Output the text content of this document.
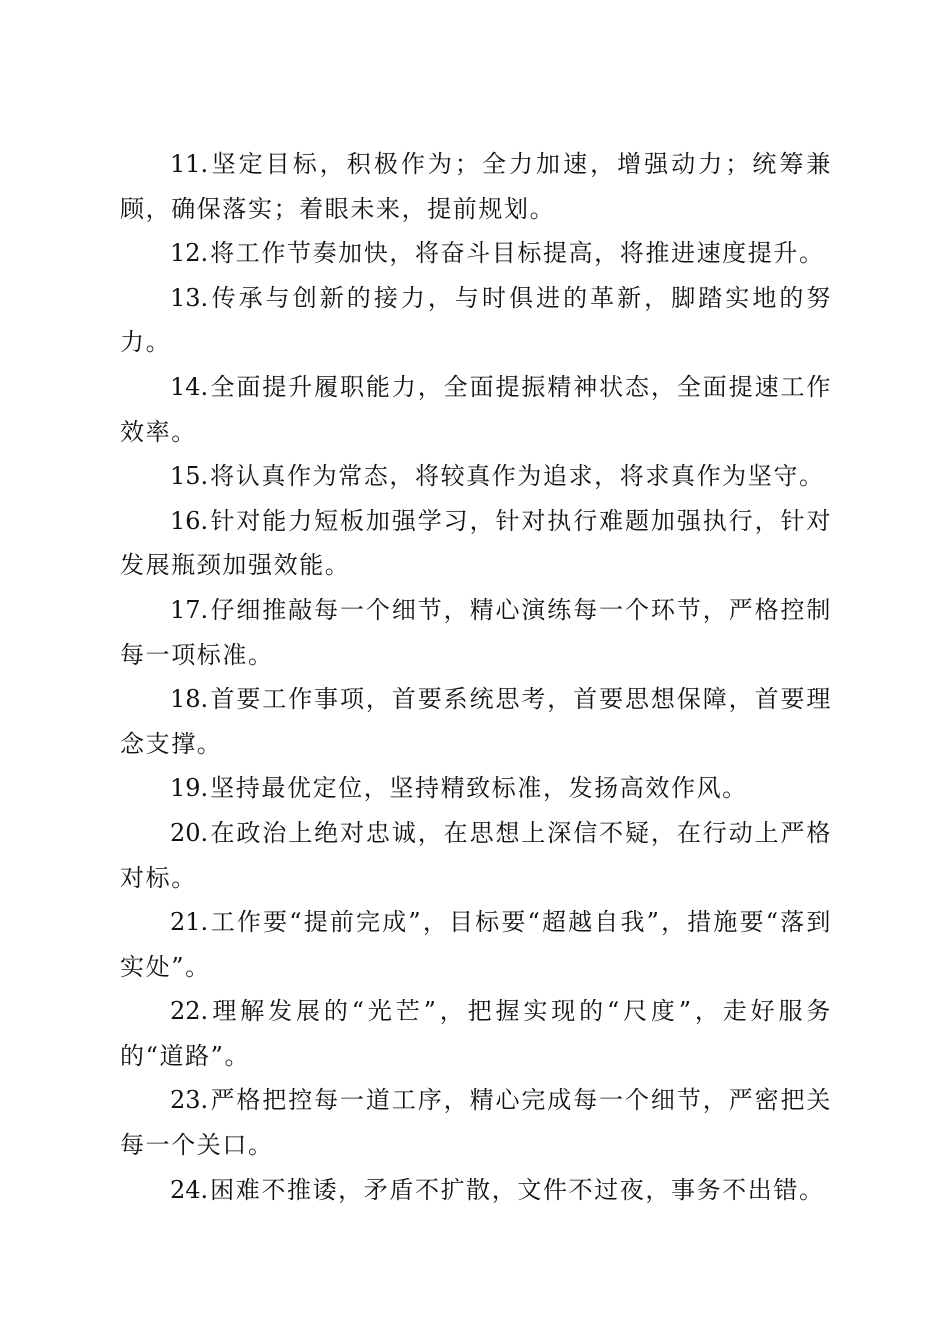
11.坚定目标，积极作为；全力加速，增强动力；统筹兼顾，确保落实；着眼未来，提前规划。

12.将工作节奏加快，将奋斗目标提高，将推进速度提升。

13.传承与创新的接力，与时俱进的革新，脚踏实地的努力。

14.全面提升履职能力，全面提振精神状态，全面提速工作效率。

15.将认真作为常态，将较真作为追求，将求真作为坚守。

16.针对能力短板加强学习，针对执行难题加强执行，针对发展瓶颈加强效能。

17.仔细推敲每一个细节，精心演练每一个环节，严格控制每一项标准。

18.首要工作事项，首要系统思考，首要思想保障，首要理念支撑。

19.坚持最优定位，坚持精致标准，发扬高效作风。

20.在政治上绝对忠诚，在思想上深信不疑，在行动上严格对标。

21.工作要“提前完成”，目标要“超越自我”，措施要“落到实处”。

22.理解发展的“光芒”，把握实现的“尺度”，走好服务的“道路”。

23.严格把控每一道工序，精心完成每一个细节，严密把关每一个关口。

24.困难不推诿，矛盾不扩散，文件不过夜，事务不出错。
